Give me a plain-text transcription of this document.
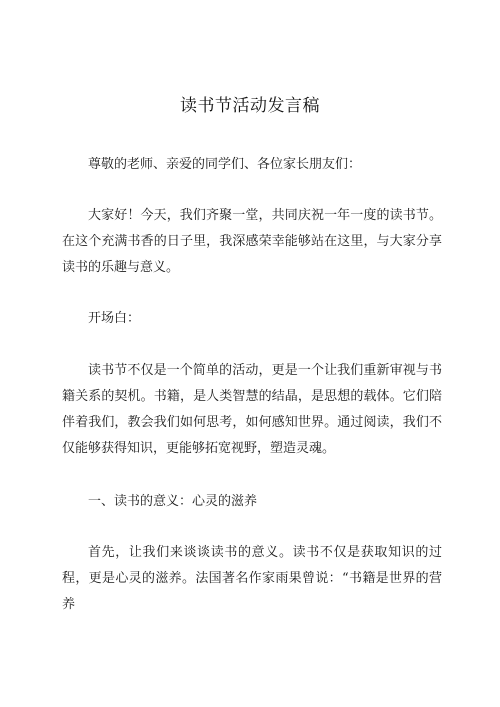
读书节活动发言稿

尊敬的老师、亲爱的同学们、各位家长朋友们：

大家好！今天，我们齐聚一堂，共同庆祝一年一度的读书节。在这个充满书香的日子里，我深感荣幸能够站在这里，与大家分享读书的乐趣与意义。

开场白：

读书节不仅是一个简单的活动，更是一个让我们重新审视与书籍关系的契机。书籍，是人类智慧的结晶，是思想的载体。它们陪伴着我们，教会我们如何思考，如何感知世界。通过阅读，我们不仅能够获得知识，更能够拓宽视野，塑造灵魂。

一、读书的意义：心灵的滋养

首先，让我们来谈谈读书的意义。读书不仅是获取知识的过程，更是心灵的滋养。法国著名作家雨果曾说：“书籍是世界的营养
